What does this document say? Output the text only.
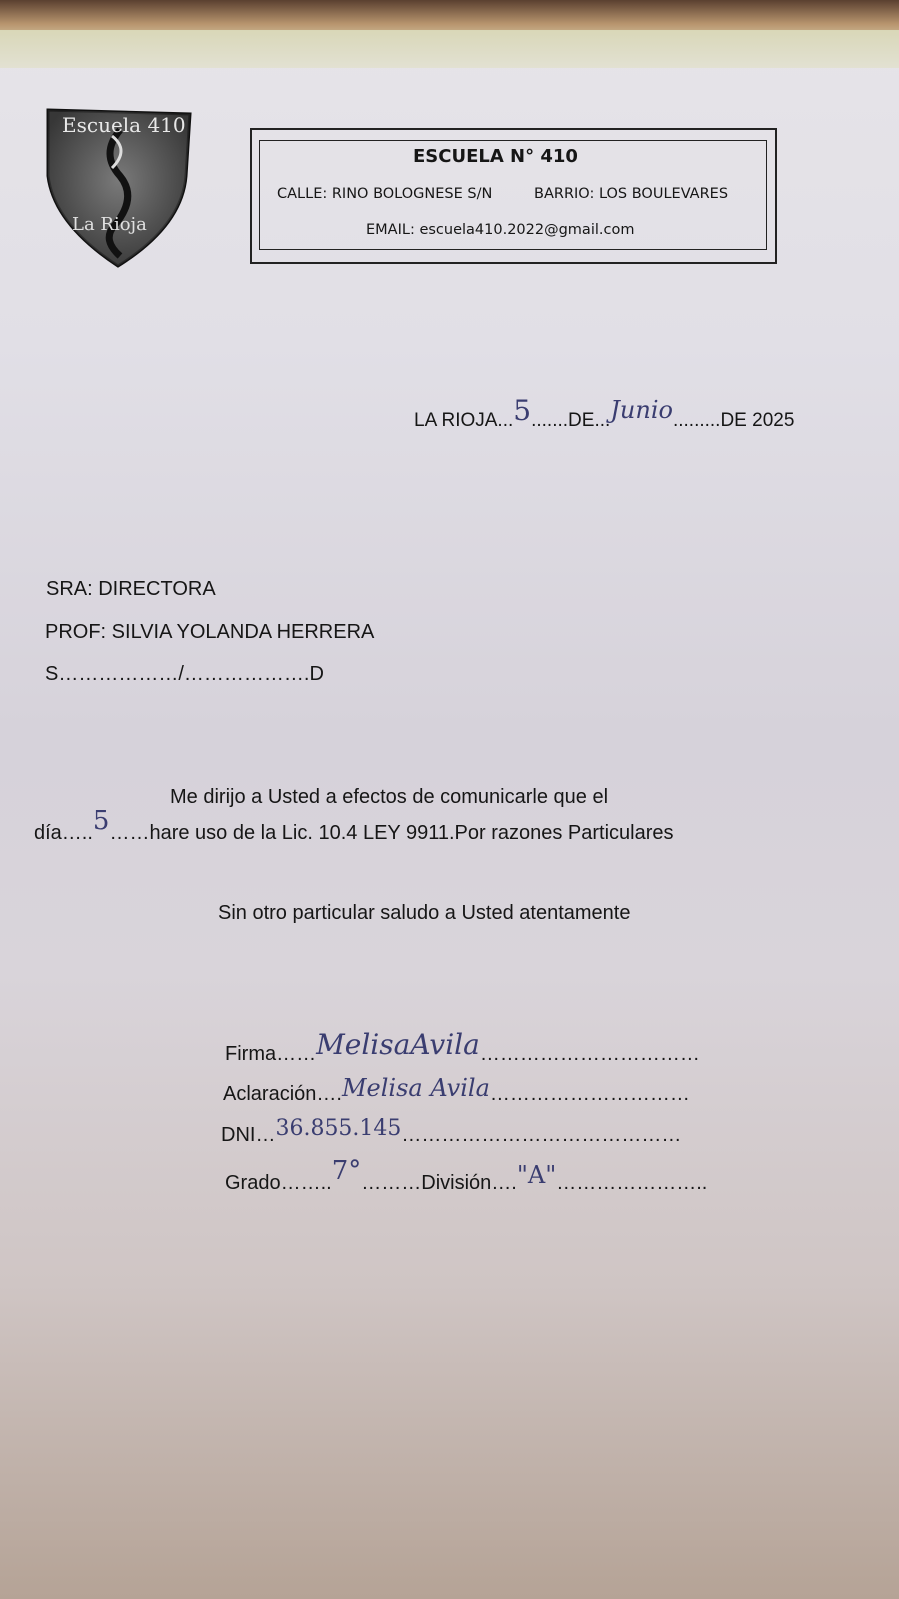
Escuela 410
La Rioja
ESCUELA N° 410
CALLE: RINO BOLOGNESE S/N	BARRIO: LOS BOULEVARES
EMAIL: escuela410.2022@gmail.com
LA RIOJA...5.......DE...Junio.........DE 2025
SRA: DIRECTORA
PROF: SILVIA YOLANDA HERRERA
S………………/……………….D
Me dirijo a Usted a efectos de comunicarle que el
día…..5……hare uso de la Lic. 10.4 LEY 9911.Por razones Particulares
Sin otro particular saludo a Usted atentamente
Firma……MelisaAvila……………………………
Aclaración….Melisa Avila…………………………
DNI…36.855.145……………………………………
Grado……..7°………División…."A"…………………..
